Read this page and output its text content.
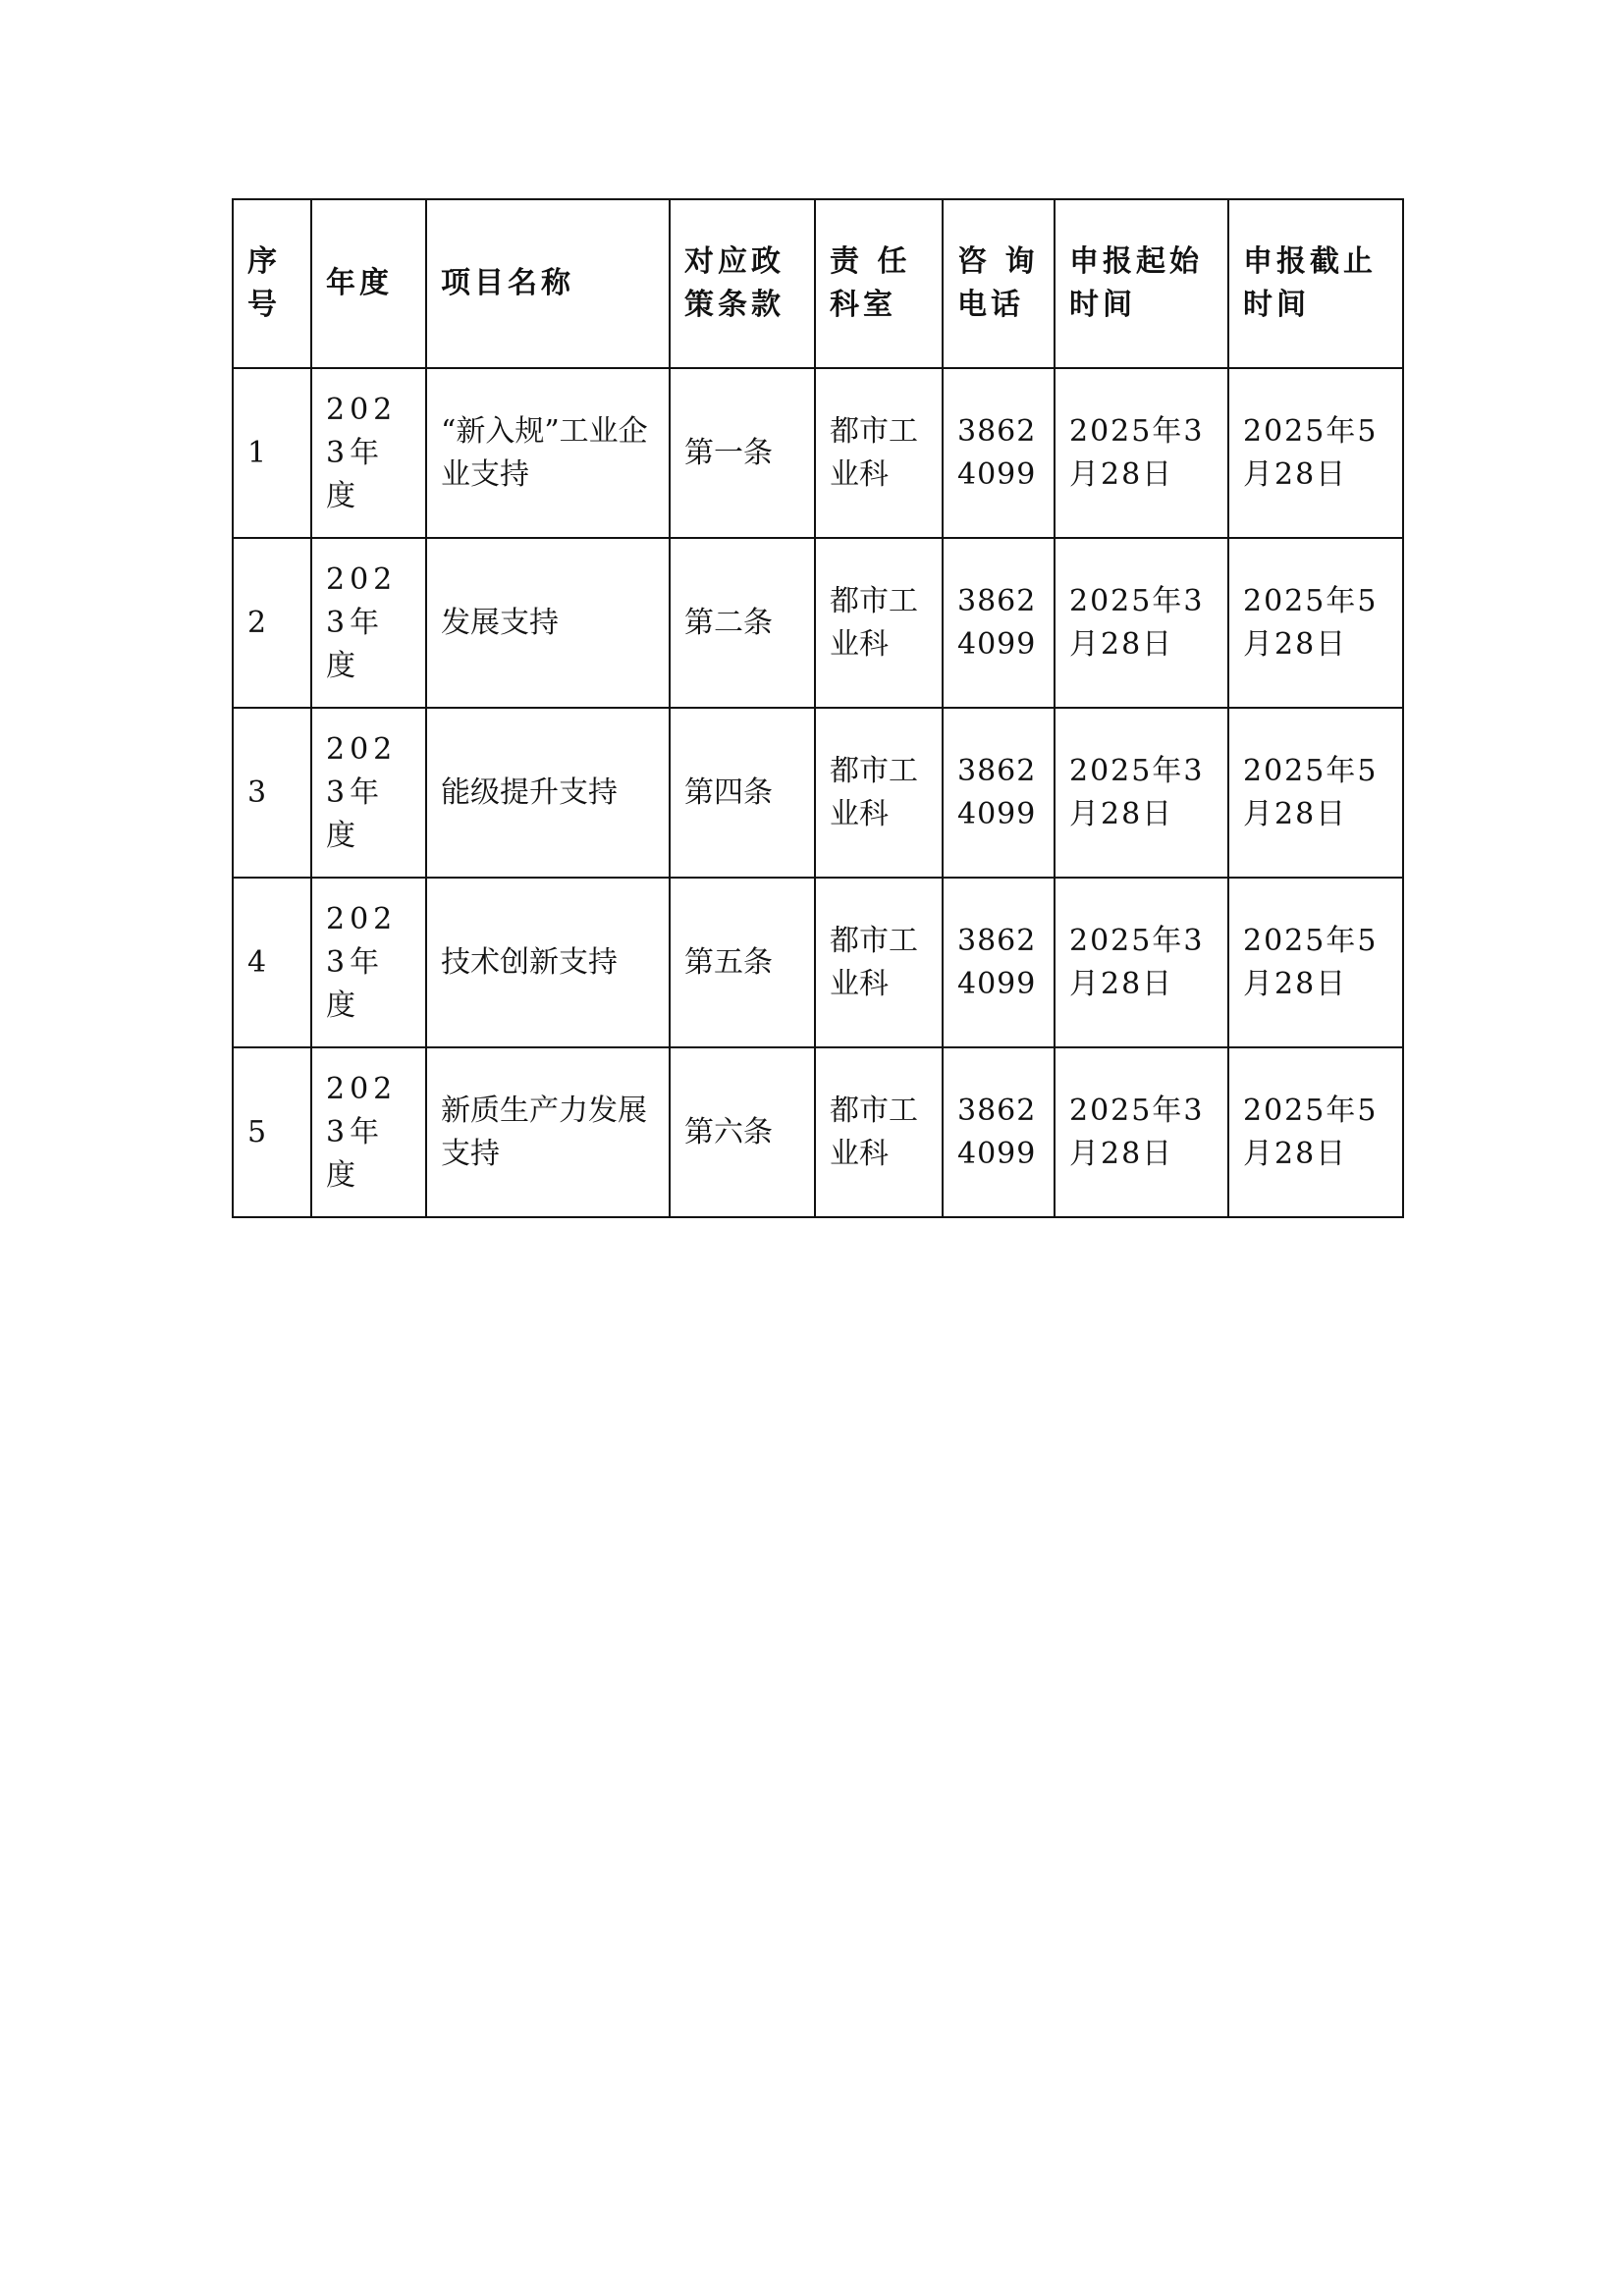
序号	年度	项目名称	对应政策条款	责 任科室	咨 询电话	申报起始时间	申报截止时间
1	2023年度	“新入规”工业企业支持	第一条	都市工业科	38624099	2025年3月28日	2025年5月28日
2	2023年度	发展支持	第二条	都市工业科	38624099	2025年3月28日	2025年5月28日
3	2023年度	能级提升支持	第四条	都市工业科	38624099	2025年3月28日	2025年5月28日
4	2023年度	技术创新支持	第五条	都市工业科	38624099	2025年3月28日	2025年5月28日
5	2023年度	新质生产力发展支持	第六条	都市工业科	38624099	2025年3月28日	2025年5月28日
